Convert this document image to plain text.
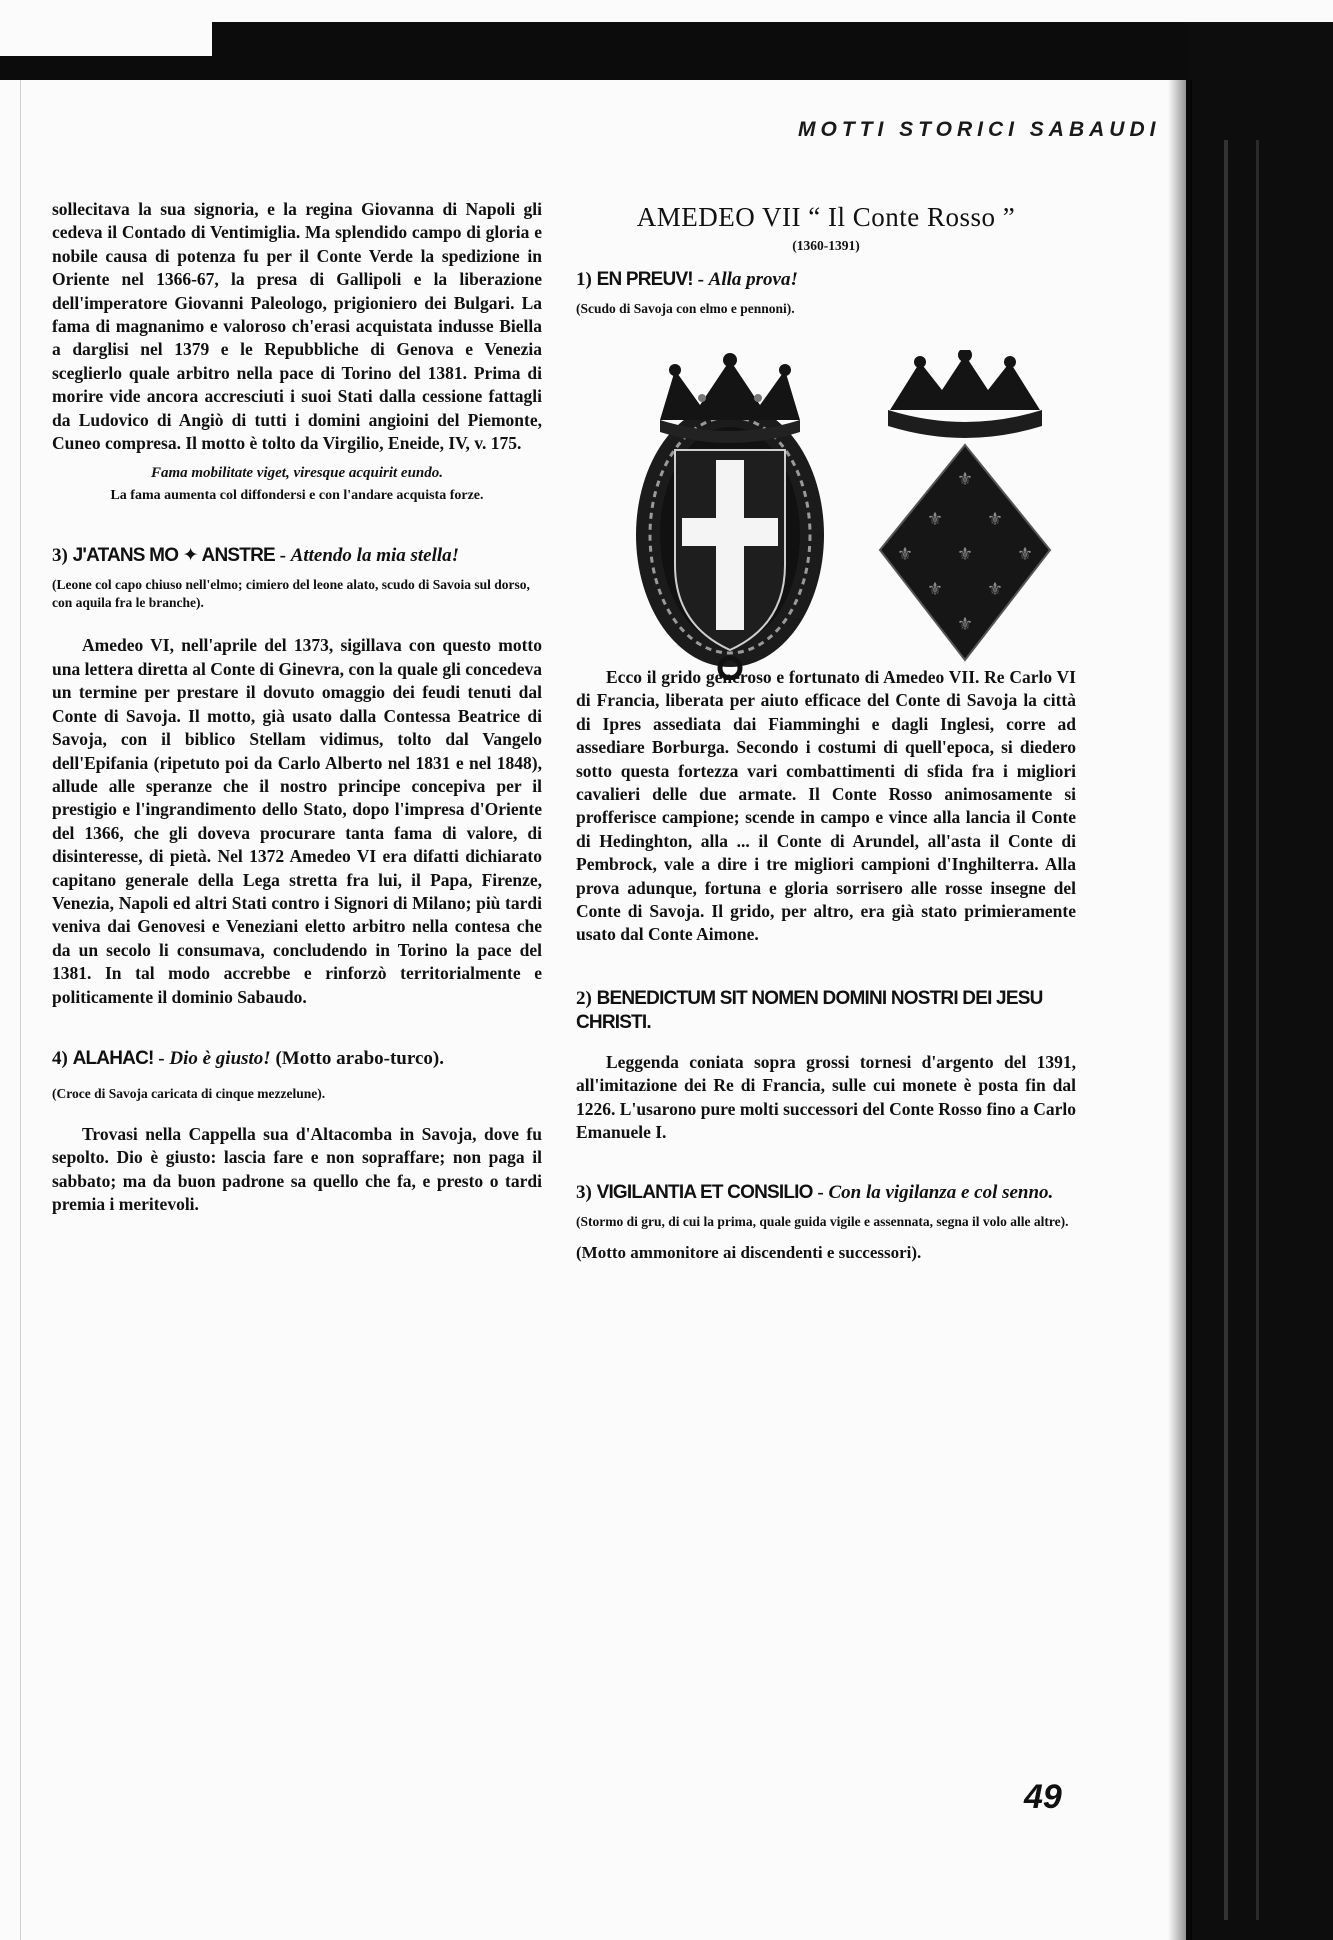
MOTTI STORICI SABAUDI

sollecitava la sua signoria, e la regina Giovanna di Napoli gli cedeva il Contado di Ventimiglia. Ma splendido campo di gloria e nobile causa di potenza fu per il Conte Verde la spedizione in Oriente nel 1366-67, la presa di Gallipoli e la liberazione dell'imperatore Giovanni Paleologo, prigioniero dei Bulgari. La fama di magnanimo e valoroso ch'erasi acquistata indusse Biella a darglisi nel 1379 e le Repubbliche di Genova e Venezia sceglierlo quale arbitro nella pace di Torino del 1381. Prima di morire vide ancora accresciuti i suoi Stati dalla cessione fattagli da Ludovico di Angiò di tutti i domini angioini del Piemonte, Cuneo compresa. Il motto è tolto da Virgilio, Eneide, IV, v. 175.

Fama mobilitate viget, viresque acquirit eundo.

La fama aumenta col diffondersi e con l'andare acquista forze.

3) J'ATANS MO ✦ ANSTRE - Attendo la mia stella!

(Leone col capo chiuso nell'elmo; cimiero del leone alato, scudo di Savoia sul dorso, con aquila fra le branche).

Amedeo VI, nell'aprile del 1373, sigillava con questo motto una lettera diretta al Conte di Ginevra, con la quale gli concedeva un termine per prestare il dovuto omaggio dei feudi tenuti dal Conte di Savoja. Il motto, già usato dalla Contessa Beatrice di Savoja, con il biblico Stellam vidimus, tolto dal Vangelo dell'Epifania (ripetuto poi da Carlo Alberto nel 1831 e nel 1848), allude alle speranze che il nostro principe concepiva per il prestigio e l'ingrandimento dello Stato, dopo l'impresa d'Oriente del 1366, che gli doveva procurare tanta fama di valore, di disinteresse, di pietà. Nel 1372 Amedeo VI era difatti dichiarato capitano generale della Lega stretta fra lui, il Papa, Firenze, Venezia, Napoli ed altri Stati contro i Signori di Milano; più tardi veniva dai Genovesi e Veneziani eletto arbitro nella contesa che da un secolo li consumava, concludendo in Torino la pace del 1381. In tal modo accrebbe e rinforzò territorialmente e politicamente il dominio Sabaudo.

4) ALAHAC! - Dio è giusto! (Motto arabo-turco).

(Croce di Savoja caricata di cinque mezzelune).

Trovasi nella Cappella sua d'Altacomba in Savoja, dove fu sepolto. Dio è giusto: lascia fare e non sopraffare; non paga il sabbato; ma da buon padrone sa quello che fa, e presto o tardi premia i meritevoli.

AMEDEO VII “ Il Conte Rosso ”
(1360-1391)
1) EN PREUV! - Alla prova!

(Scudo di Savoja con elmo e pennoni).

Ecco il grido generoso e fortunato di Amedeo VII. Re Carlo VI di Francia, liberata per aiuto efficace del Conte di Savoja la città di Ipres assediata dai Fiamminghi e dagli Inglesi, corre ad assediare Borburga. Secondo i costumi di quell'epoca, si diedero sotto questa fortezza vari combattimenti di sfida fra i migliori cavalieri delle due armate. Il Conte Rosso animosamente si profferisce campione; scende in campo e vince alla lancia il Conte di Hedinghton, alla ... il Conte di Arundel, all'asta il Conte di Pembrock, vale a dire i tre migliori campioni d'Inghilterra. Alla prova adunque, fortuna e gloria sorrisero alle rosse insegne del Conte di Savoja. Il grido, per altro, era già stato primieramente usato dal Conte Aimone.

2) BENEDICTUM SIT NOMEN DOMINI NOSTRI DEI JESU CHRISTI.

Leggenda coniata sopra grossi tornesi d'argento del 1391, all'imitazione dei Re di Francia, sulle cui monete è posta fin dal 1226. L'usarono pure molti successori del Conte Rosso fino a Carlo Emanuele I.

3) VIGILANTIA ET CONSILIO - Con la vigilanza e col senno.

(Stormo di gru, di cui la prima, quale guida vigile e assennata, segna il volo alle altre).

(Motto ammonitore ai discendenti e successori).

⚜
⚜ ⚜
⚜ ⚜ ⚜
⚜ ⚜
⚜
49
